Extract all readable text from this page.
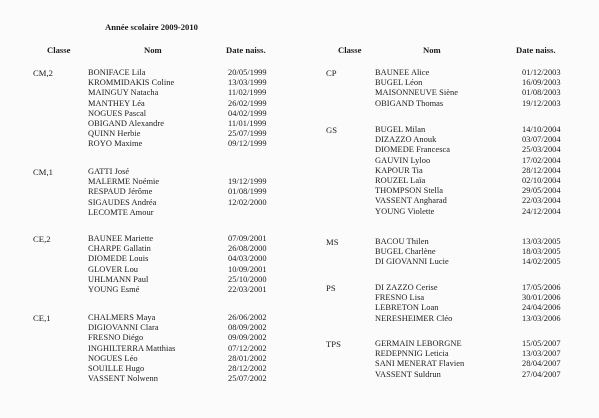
Année scolaire 2009-2010
Classe	Nom	Date naiss.	Classe	Nom	Date naiss.
CM,2	BONIFACE Lila	20/05/1999
KROMMIDAKIS Coline	13/03/1999
MAINGUY Natacha	11/02/1999
MANTHEY Léa	26/02/1999
NOGUES Pascal	04/02/1999
OBIGAND Alexandre	11/01/1999
QUINN Herbie	25/07/1999
ROYO Maxime	09/12/1999
CM,1	GATTI José
MALERME Noémie	19/12/1999
RESPAUD Jérôme	01/08/1999
SIGAUDES Andréa	12/02/2000
LECOMTE Amour
CE,2	BAUNEE Mariette	07/09/2001
CHARPE Gallatin	26/08/2000
DIOMEDE Louis	04/03/2000
GLOVER Lou	10/09/2001
UHLMANN Paul	25/10/2000
YOUNG Esmé	22/03/2001
CE,1	CHALMERS Maya	26/06/2002
DIGIOVANNI Clara	08/09/2002
FRESNO Diégo	09/09/2002
INGHILTERRA Matthias	07/12/2002
NOGUES Léo	28/01/2002
SOUILLE Hugo	28/12/2002
VASSENT Nolwenn	25/07/2002
CP	BAUNEE Alice	01/12/2003
BUGEL Léon	16/09/2003
MAISONNEUVE Siène	01/08/2003
OBIGAND Thomas	19/12/2003
GS	BUGEL Milan	14/10/2004
DIZAZZO Anouk	03/07/2004
DIOMEDE Francesca	25/03/2004
GAUVIN Lyloo	17/02/2004
KAPOUR Tia	28/12/2004
ROUZEL Laïa	02/10/2004
THOMPSON Stella	29/05/2004
VASSENT Angharad	22/03/2004
YOUNG Violette	24/12/2004
MS	BACOU Thilen	13/03/2005
BUGEL Charlène	18/03/2005
DI GIOVANNI Lucie	14/02/2005
PS	DI ZAZZO Cerise	17/05/2006
FRESNO Lisa	30/01/2006
LEBRETON Loan	24/04/2006
NERESHEIMER Cléo	13/03/2006
TPS	GERMAIN LEBORGNE	15/05/2007
REDEPNNIG Leticia	13/03/2007
SANI MENERAT Flavien	28/04/2007
VASSENT Suldrun	27/04/2007
